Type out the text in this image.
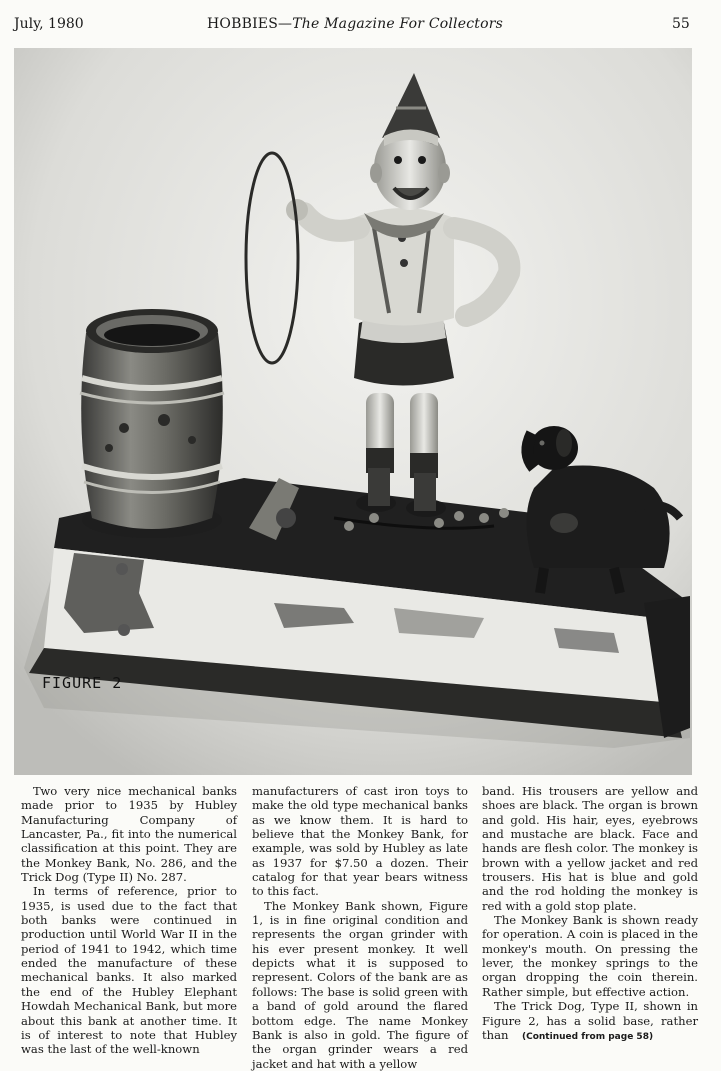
July, 1980	HOBBIES—The Magazine For Collectors	55
FIGURE 2

Two very nice mechanical banks made prior to 1935 by Hubley Manufacturing Company of Lancaster, Pa., fit into the numerical classification at this point. They are the Monkey Bank, No. 286, and the Trick Dog (Type II) No. 287.

In terms of reference, prior to 1935, is used due to the fact that both banks were continued in production until World War II in the period of 1941 to 1942, which time ended the manufacture of these mechanical banks. It also marked the end of the Hubley Elephant Howdah Mechanical Bank, but more about this bank at another time. It is of interest to note that Hubley was the last of the well-known

manufacturers of cast iron toys to make the old type mechanical banks as we know them. It is hard to believe that the Monkey Bank, for example, was sold by Hubley as late as 1937 for $7.50 a dozen. Their catalog for that year bears witness to this fact.

The Monkey Bank shown, Figure 1, is in fine original condition and represents the organ grinder with his ever present monkey. It well depicts what it is supposed to represent. Colors of the bank are as follows: The base is solid green with a band of gold around the flared bottom edge. The name Monkey Bank is also in gold. The figure of the organ grinder wears a red jacket and hat with a yellow

band. His trousers are yellow and shoes are black. The organ is brown and gold. His hair, eyes, eyebrows and mustache are black. Face and hands are flesh color. The monkey is brown with a yellow jacket and red trousers. His hat is blue and gold and the rod holding the monkey is red with a gold stop plate.

The Monkey Bank is shown ready for operation. A coin is placed in the monkey's mouth. On pressing the lever, the monkey springs to the organ dropping the coin therein. Rather simple, but effective action.

The Trick Dog, Type II, shown in Figure 2, has a solid base, rather than	(Continued from page 58)
